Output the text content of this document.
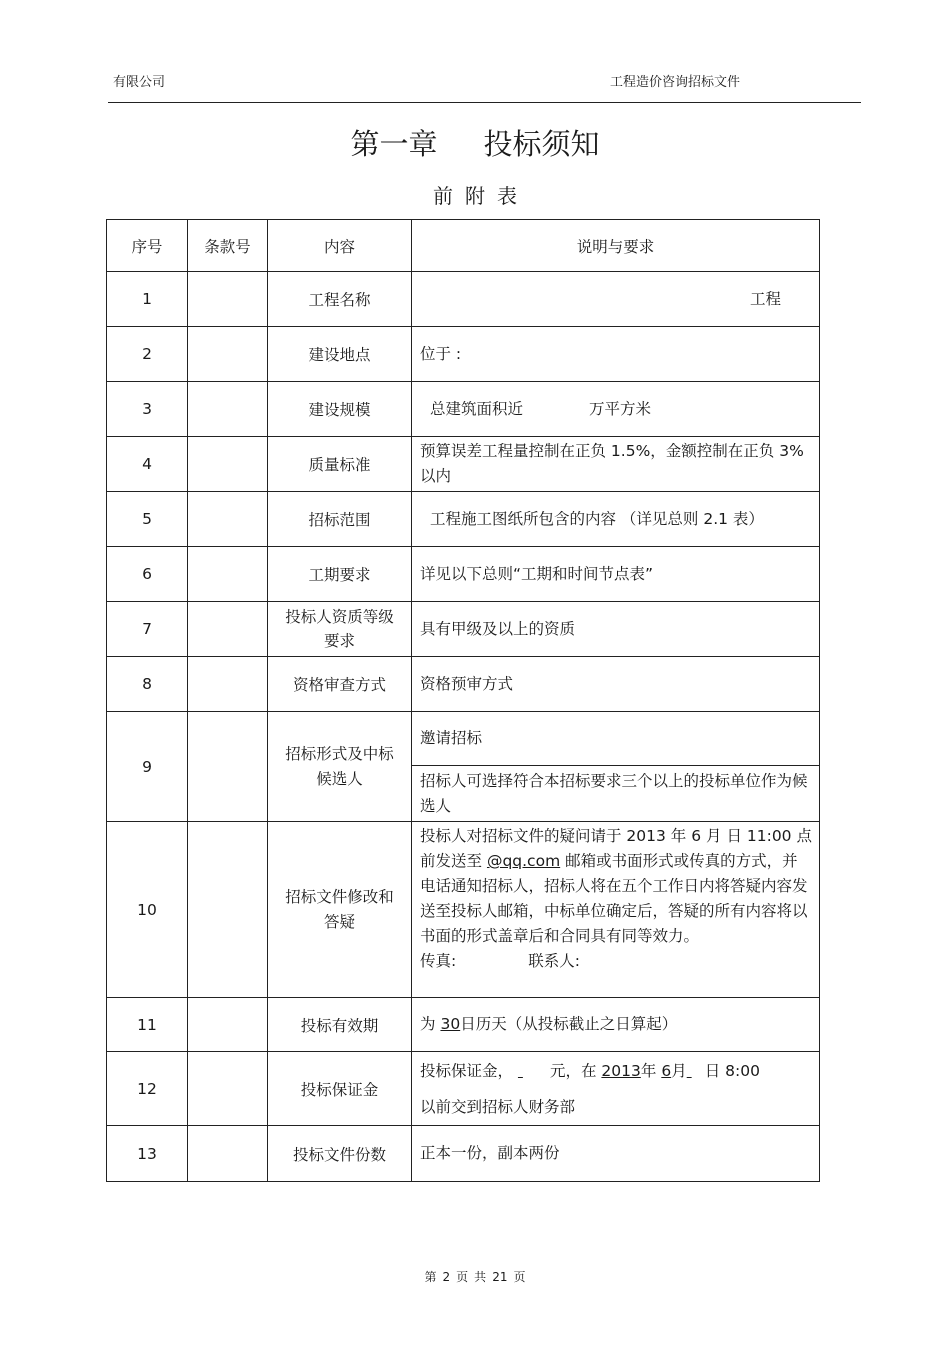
有限公司	工程造价咨询招标文件
第一章 投标须知
前附表
序号	条款号	内容	说明与要求
1		工程名称	工程
2		建设地点	位于 :
3		建设规模	总建筑面积近 万平方米
4		质量标准	预算误差工程量控制在正负 1.5%，金额控制在正负 3%以内
5		招标范围	工程施工图纸所包含的内容 （详见总则 2.1 表）
6		工期要求	详见以下总则“工期和时间节点表”
7		投标人资质等级要求	具有甲级及以上的资质
8		资格审查方式	资格预审方式
9		招标形式及中标候选人	邀请招标
			招标人可选择符合本招标要求三个以上的投标单位作为候选人
10		招标文件修改和答疑	投标人对招标文件的疑问请于 2013 年 6 月 日 11:00 点前发送至 @qq.com 邮箱或书面形式或传真的方式，并电话通知招标人，招标人将在五个工作日内将答疑内容发送至投标人邮箱，中标单位确定后，答疑的所有内容将以书面的形式盖章后和合同具有同等效力。
传真: 联系人:
11		投标有效期	为 30日历天（从投标截止之日算起）
12		投标保证金	投标保证金， 元，在 2013年 6月 日 8:00
以前交到招标人财务部
13		投标文件份数	正本一份，副本两份
第 2 页 共 21 页
